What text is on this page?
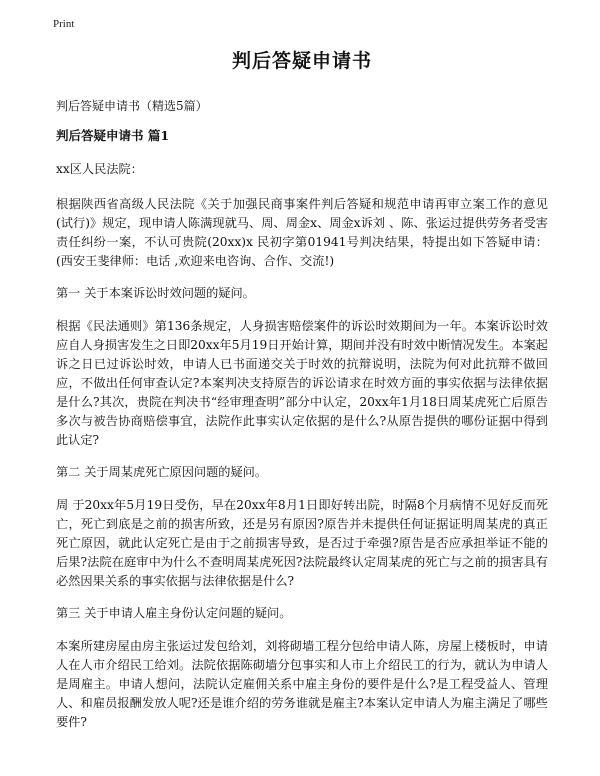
Print
判后答疑申请书
判后答疑申请书（精选5篇）
判后答疑申请书 篇1
xx区人民法院：
根据陕西省高级人民法院《关于加强民商事案件判后答疑和规范申请再审立案工作的意见(试行)》规定，现申请人陈满现就马、周、周金x、周金x诉刘 、陈、张运过提供劳务者受害责任纠纷一案，不认可贵院(20xx)x 民初字第01941号判决结果，特提出如下答疑申请：(西安王斐律师：电话 ,欢迎来电咨询、合作、交流!)
第一 关于本案诉讼时效问题的疑问。
根据《民法通则》第136条规定，人身损害赔偿案件的诉讼时效期间为一年。本案诉讼时效应自人身损害发生之日即20xx年5月19日开始计算，期间并没有时效中断情况发生。本案起诉之日已过诉讼时效，申请人已书面递交关于时效的抗辩说明，法院为何对此抗辩不做回应，不做出任何审查认定?本案判决支持原告的诉讼请求在时效方面的事实依据与法律依据是什么?其次，贵院在判决书“经审理查明”部分中认定，20xx年1月18日周某虎死亡后原告多次与被告协商赔偿事宜，法院作此事实认定依据的是什么?从原告提供的哪份证据中得到此认定?
第二 关于周某虎死亡原因问题的疑问。
周 于20xx年5月19日受伤，早在20xx年8月1日即好转出院，时隔8个月病情不见好反而死亡，死亡到底是之前的损害所致，还是另有原因?原告并未提供任何证据证明周某虎的真正死亡原因，就此认定死亡是由于之前损害导致，是否过于牵强?原告是否应承担举证不能的后果?法院在庭审中为什么不查明周某虎死因?法院最终认定周某虎的死亡与之前的损害具有必然因果关系的事实依据与法律依据是什么?
第三 关于申请人雇主身份认定问题的疑问。
本案所建房屋由房主张运过发包给刘，刘将砌墙工程分包给申请人陈，房屋上楼板时，申请人在人市介绍民工给刘。法院依据陈砌墙分包事实和人市上介绍民工的行为，就认为申请人是周雇主。申请人想问，法院认定雇佣关系中雇主身份的要件是什么?是工程受益人、管理人、和雇员报酬发放人呢?还是谁介绍的劳务谁就是雇主?本案认定申请人为雇主满足了哪些要件?
